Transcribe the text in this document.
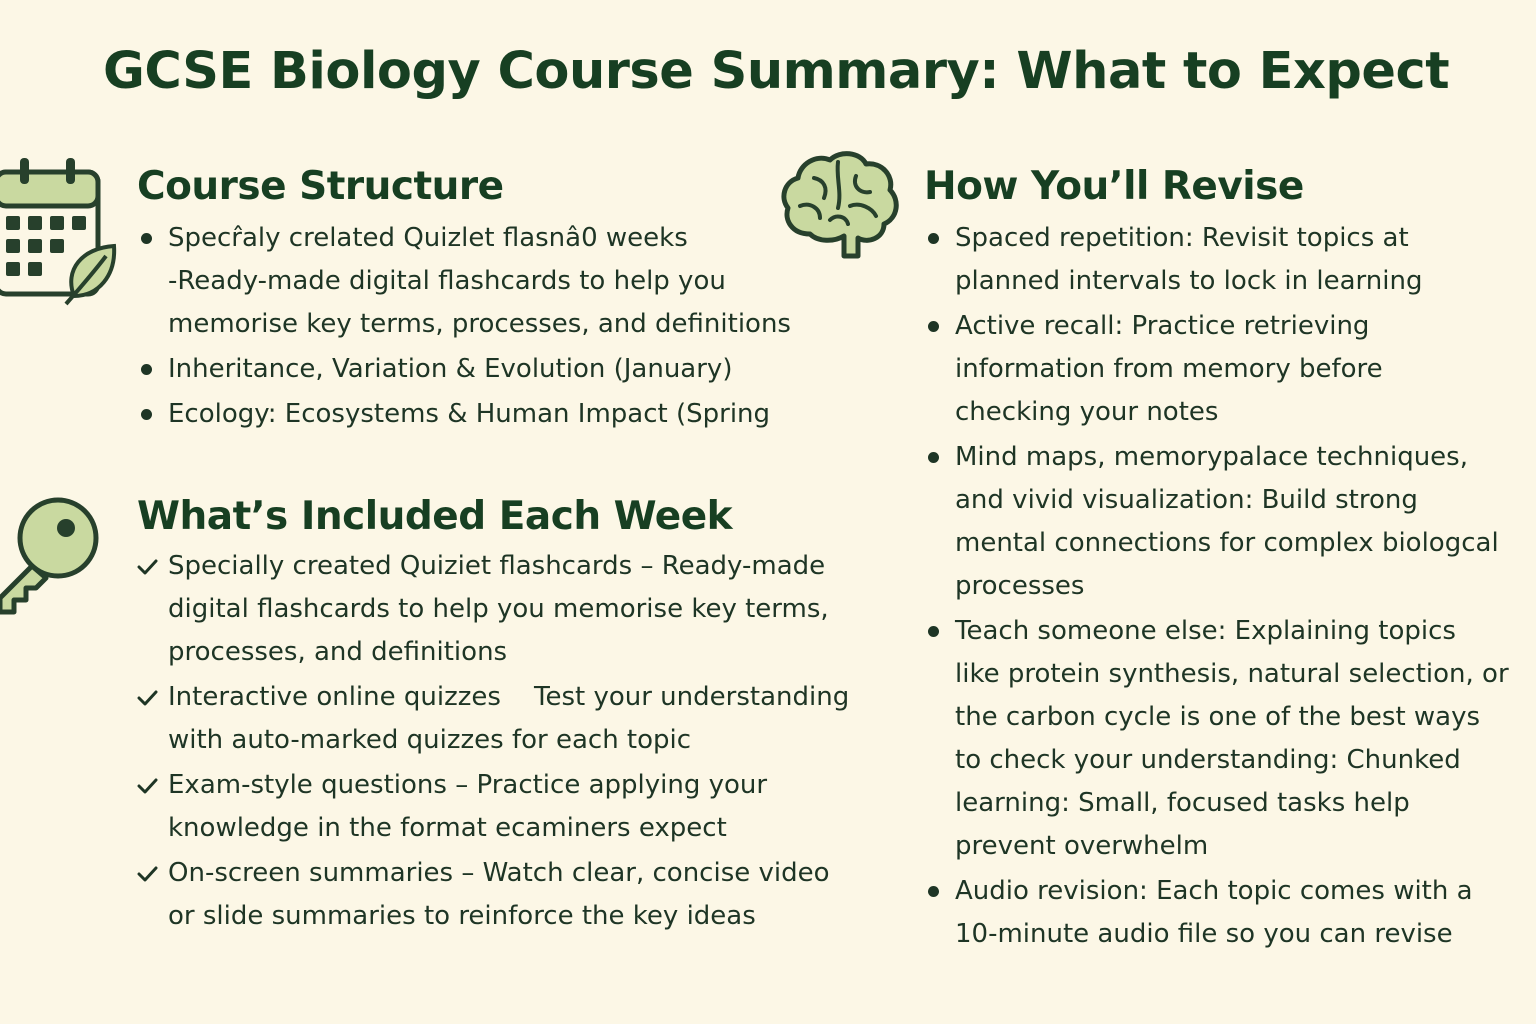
GCSE Biology Course Summary: What to Expect
Course Structure
Specr̂aly crelated Quizlet flasnâ0 weeks
-Ready-made digital flashcards to help you
memorise key terms, processes, and definitions
Inheritance, Variation & Evolution (January)
Ecology: Ecosystems & Human Impact (Spring
What’s Included Each Week
Specially created Quiziet flashcards – Ready-made
digital flashcards to help you memorise key terms,
processes, and definitions
Interactive online quizzes    Test your understanding
with auto-marked quizzes for each topic
Exam-style questions – Practice applying your
knowledge in the format ecaminers expect
On-screen summaries – Watch clear, concise video
or slide summaries to reinforce the key ideas
How You’ll Revise
Spaced repetition: Revisit topics at
planned intervals to lock in learning
Active recall: Practice retrieving
information from memory before
checking your notes
Mind maps, memorypalace techniques,
and vivid visualization: Build strong
mental connections for complex biologcal
processes
Teach someone else: Explaining topics
like protein synthesis, natural selection, or
the carbon cycle is one of the best ways
to check your understanding: Chunked
learning: Small, focused tasks help
prevent overwhelm
Audio revision: Each topic comes with a
10-minute audio file so you can revise
